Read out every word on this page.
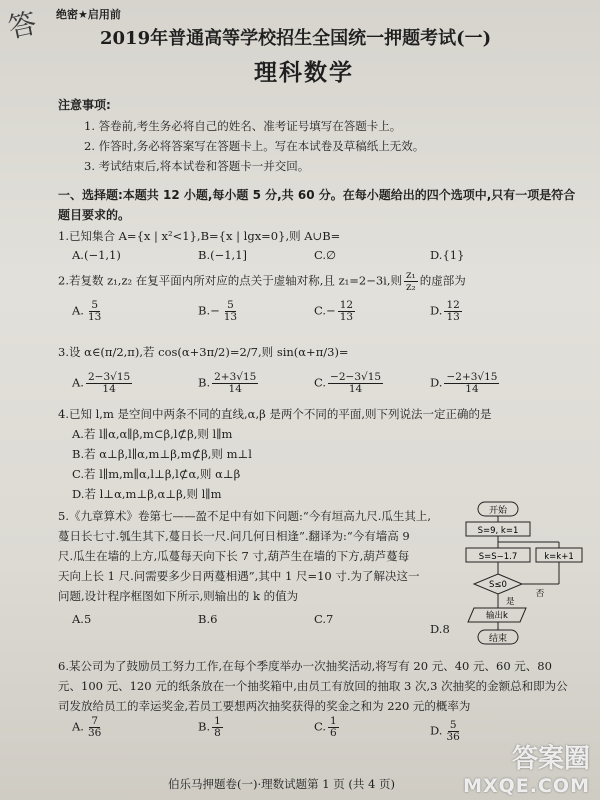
答 绝密★启用前
2019年普通高等学校招生全国统一押题考试(一)
理科数学
注意事项:
1. 答卷前,考生务必将自己的姓名、准考证号填写在答题卡上。
2. 作答时,务必将答案写在答题卡上。写在本试卷及草稿纸上无效。
3. 考试结束后,将本试卷和答题卡一并交回。
一、选择题:本题共 12 小题,每小题 5 分,共 60 分。在每小题给出的四个选项中,只有一项是符合题目要求的。
1.已知集合 A={x | x²<1},B={x | lgx=0},则 A∪B=
A.(−1,1)	B.(−1,1]	C.∅	D.{1}
2.若复数 z₁,z₂ 在复平面内所对应的点关于虚轴对称,且 z₁=2−3i,则 $\frac{\text{z₁}}{\text{z₂}}$ 的虚部为
A. $\frac{5}{13}$	$B.- \frac{5}{13}$	$C.- \frac{12}{13}$	D. $\frac{12}{13}$
3.设 α∈(π/2,π),若 cos(α+3π/2)=2/7,则 sin(α+π/3)=
A. $\frac{2-3√15}{14}$	B. $\frac{2+3√15}{14}$	C. $\frac{-2-3√15}{14}$	D. $\frac{-2+3√15}{14}$
4.已知 l,m 是空间中两条不同的直线,α,β 是两个不同的平面,则下列说法一定正确的是
A.若 l∥α,α∥β,m⊂β,l⊄β,则 l∥m
B.若 α⊥β,l∥α,m⊥β,m⊄β,则 m⊥l
C.若 l∥m,m∥α,l⊥β,l⊄α,则 α⊥β
D.若 l⊥α,m⊥β,α⊥β,则 l∥m
5.《九章算术》卷第七——盈不足中有如下问题:“今有垣高九尺.瓜生其上,
蔓日长七寸.瓠生其下,蔓日长一尺.问几何日相逢”.翻译为:“今有墙高 9
尺.瓜生在墙的上方,瓜蔓每天向下长 7 寸,葫芦生在墙的下方,葫芦蔓每
天向上长 1 尺.问需要多少日两蔓相遇”,其中 1 尺=10 寸.为了解决这一
问题,设计程序框图如下所示,则输出的 k 的值为
A.5	B.6	C.7
D.8
开始
S=9, k=1
S=S−1.7	k=k+1
S≤0
否
是
输出k
结束
6.某公司为了鼓励员工努力工作,在每个季度举办一次抽奖活动,将写有 20 元、40 元、60 元、80 元、100 元、120 元的纸条放在一个抽奖箱中,由员工有放回的抽取 3 次,3 次抽奖的金额总和即为公司发放给员工的幸运奖金,若员工要想两次抽奖获得的奖金之和为 220 元的概率为
A. $\frac{7}{36}$	B. $\frac{1}{8}$	C. $\frac{1}{6}$	D. $\frac{5}{36}$
伯乐马押题卷(一)·理数试题第 1 页 (共 4 页)
答案圈
MXQE.COM
